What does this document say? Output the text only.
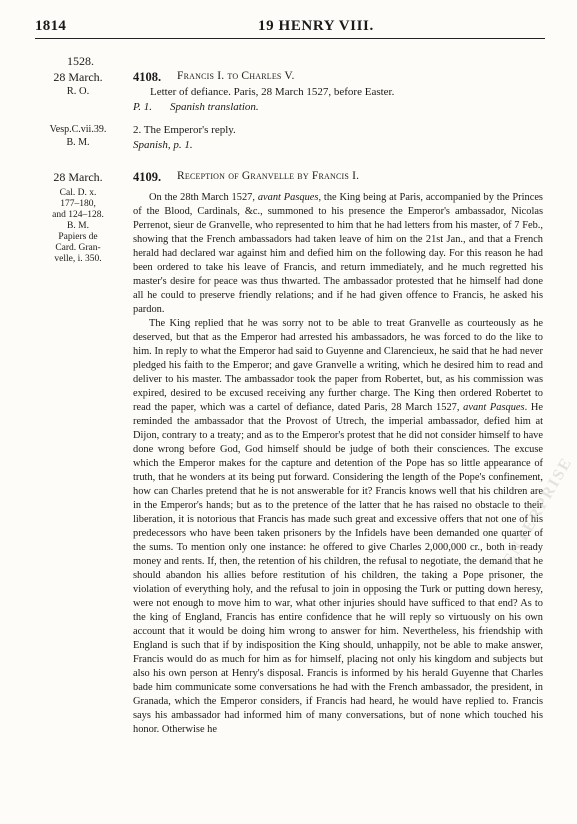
1814	19 HENRY VIII.
1528.
28 March.
R. O.
4108. Francis I. to Charles V.
Letter of defiance. Paris, 28 March 1527, before Easter.
P. 1. Spanish translation.
Vesp.C.vii.39.
B. M.
2. The Emperor's reply.
Spanish, p. 1.
28 March.	4109. Reception of Granvelle by Francis I.
Cal. D. x.
177–180,
and 124–128.
B. M.
Papiers de
Card. Gran-
velle, i. 350.

On the 28th March 1527, avant Pasques, the King being at Paris, accompanied by the Princes of the Blood, Cardinals, &c., summoned to his presence the Emperor's ambassador, Nicolas Perrenot, sieur de Granvelle, who represented to him that he had letters from his master, of 7 Feb., showing that the French ambassadors had taken leave of him on the 21st Jan., and that a French herald had declared war against him and defied him on the following day. For this reason he had been ordered to take his leave of Francis, and return immediately, and he much regretted his master's desire for peace was thus thwarted. The ambassador protested that he himself had done all he could to preserve friendly relations; and if he had given offence to Francis, he asked his pardon.

The King replied that he was sorry not to be able to treat Granvelle as courteously as he deserved, but that as the Emperor had arrested his ambassadors, he was forced to do the like to him. In reply to what the Emperor had said to Guyenne and Clarencieux, he said that he had never pledged his faith to the Emperor; and gave Granvelle a writing, which he desired him to read and deliver to his master. The ambassador took the paper from Robertet, but, as his commission was expired, desired to be excused receiving any further charge. The King then ordered Robertet to read the paper, which was a cartel of defiance, dated Paris, 28 March 1527, avant Pasques. He reminded the ambassador that the Provost of Utrech, the imperial ambassador, defied him at Dijon, contrary to a treaty; and as to the Emperor's protest that he did not consider himself to have done wrong before God, God himself should be judge of both their consciences. The excuse which the Emperor makes for the capture and detention of the Pope has so little appearance of truth, that he wonders at its being put forward. Considering the length of the Pope's confinement, how can Charles pretend that he is not answerable for it? Francis knows well that his children are in the Emperor's hands; but as to the pretence of the latter that he has raised no obstacle to their liberation, it is notorious that Francis has made such great and excessive offers that not one of his predecessors who have been taken prisoners by the Infidels have been demanded one quarter of the sums. To mention only one instance: he offered to give Charles 2,000,000 cr., both in ready money and rents. If, then, the retention of his children, the refusal to negotiate, the demand that he should abandon his allies before restitution of his children, the taking a Pope prisoner, the violation of everything holy, and the refusal to join in opposing the Turk or putting down heresy, were not enough to move him to war, what other injuries should have sufficed to that end? As to the king of England, Francis has entire confidence that he will reply so virtuously on his own account that it would be doing him wrong to answer for him. Nevertheless, his friendship with England is such that if by indisposition the King should, unhappily, not be able to make answer, Francis would do as much for him as for himself, placing not only his kingdom and subjects but also his own person at Henry's disposal. Francis is informed by his herald Guyenne that Charles bade him communicate some conversations he had with the French ambassador, the president, in Granada, which the Emperor considers, if Francis had heard, he would have replied to. Francis says his ambassador had informed him of many conversations, but of none which touched his honor. Otherwise he

ENTERPRISE
